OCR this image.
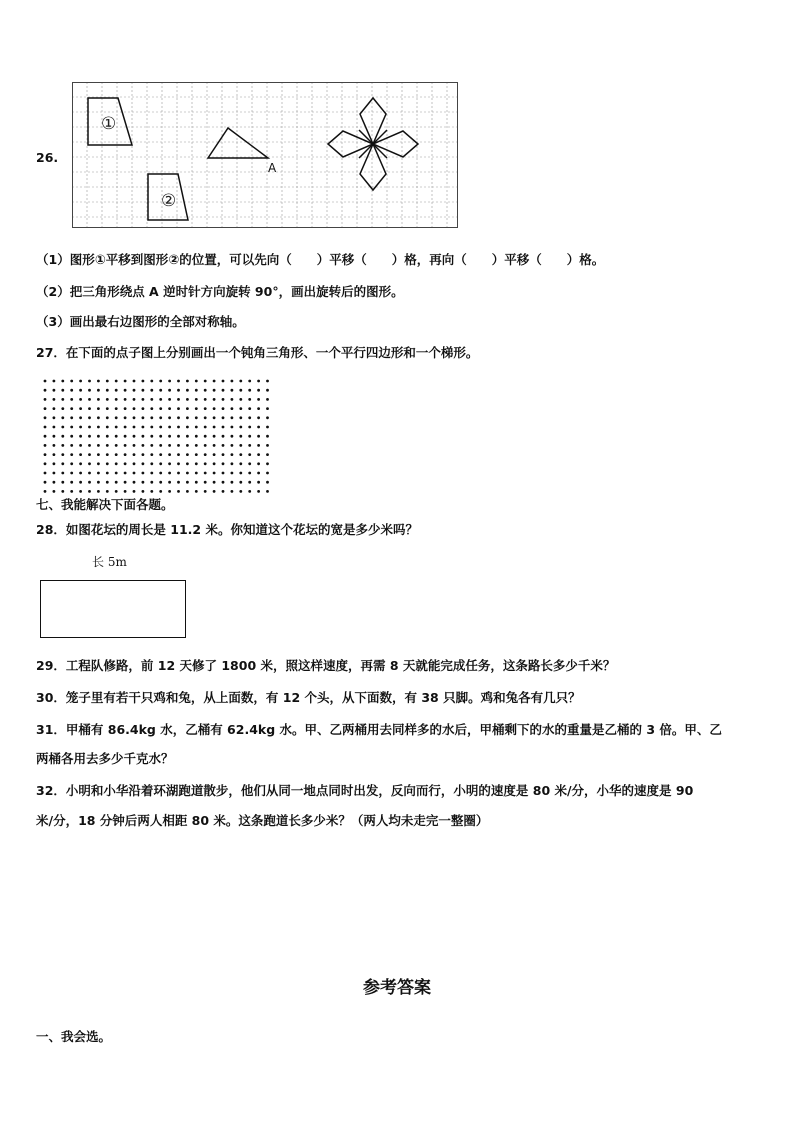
26.
①
②
A
（1）图形①平移到图形②的位置，可以先向（　　）平移（　　）格，再向（　　）平移（　　）格。
（2）把三角形绕点 A 逆时针方向旋转 90°，画出旋转后的图形。
（3）画出最右边图形的全部对称轴。
27．在下面的点子图上分别画出一个钝角三角形、一个平行四边形和一个梯形。
七、我能解决下面各题。
28．如图花坛的周长是 11.2 米。你知道这个花坛的宽是多少米吗？
长 5m
29．工程队修路，前 12 天修了 1800 米，照这样速度，再需 8 天就能完成任务，这条路长多少千米？
30．笼子里有若干只鸡和兔，从上面数，有 12 个头，从下面数，有 38 只脚。鸡和兔各有几只？
31．甲桶有 86.4kg 水，乙桶有 62.4kg 水。甲、乙两桶用去同样多的水后，甲桶剩下的水的重量是乙桶的 3 倍。甲、乙
两桶各用去多少千克水？
32．小明和小华沿着环湖跑道散步，他们从同一地点同时出发，反向而行，小明的速度是 80 米/分，小华的速度是 90
米/分，18 分钟后两人相距 80 米。这条跑道长多少米？（两人均未走完一整圈）
参考答案
一、我会选。
